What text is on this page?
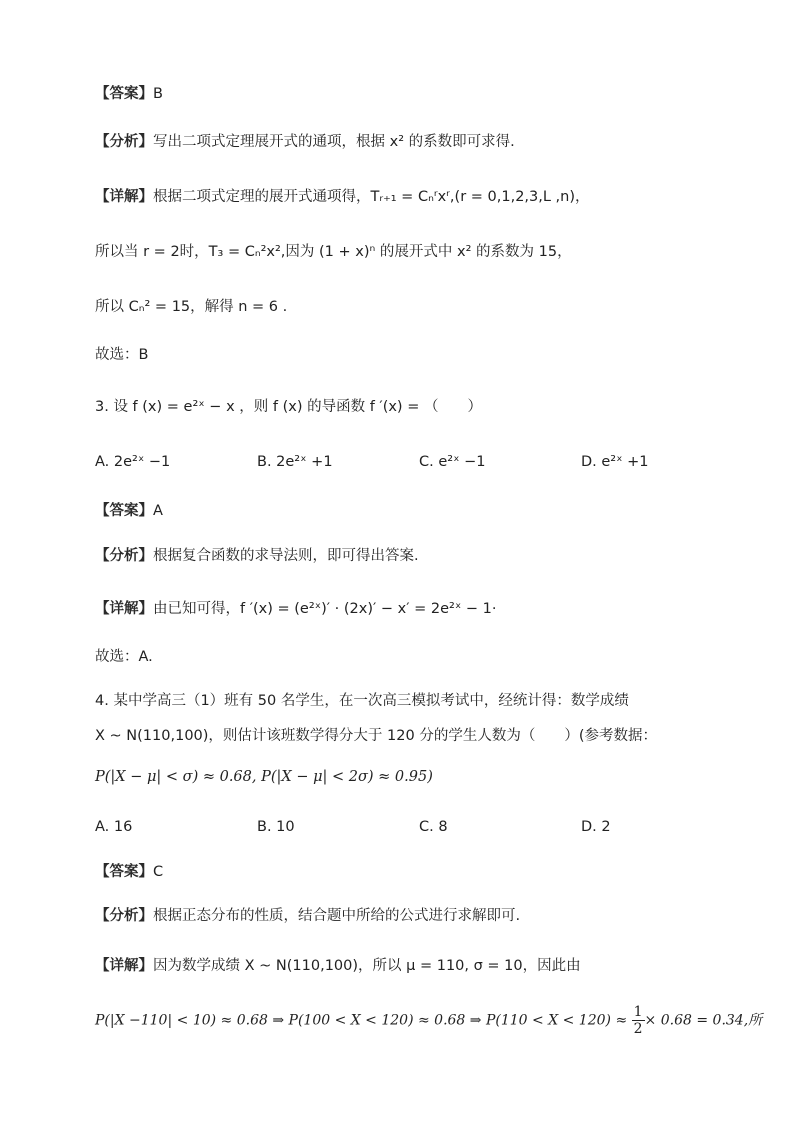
【答案】B
【分析】写出二项式定理展开式的通项，根据 x² 的系数即可求得.
【详解】根据二项式定理的展开式通项得，Tᵣ₊₁ = Cₙʳxʳ,(r = 0,1,2,3,L ,n)，
所以当 r = 2时，T₃ = Cₙ²x²,因为 (1 + x)ⁿ 的展开式中 x² 的系数为 15，
所以 Cₙ² = 15，解得 n = 6 .
故选：B
3. 设 f (x) = e²ˣ − x ，则 f (x) 的导函数 f ′(x) = （　　）
A. 2e²ˣ −1	B. 2e²ˣ +1	C. e²ˣ −1	D. e²ˣ +1
【答案】A
【分析】根据复合函数的求导法则，即可得出答案.
【详解】由已知可得，f ′(x) = (e²ˣ)′ · (2x)′ − x′ = 2e²ˣ − 1·
故选：A.
4. 某中学高三（1）班有 50 名学生，在一次高三模拟考试中，经统计得：数学成绩
X ~ N(110,100)，则估计该班数学得分大于 120 分的学生人数为（　　）(参考数据：
P(|X − μ| < σ) ≈ 0.68, P(|X − μ| < 2σ) ≈ 0.95)
A. 16	B. 10	C. 8	D. 2
【答案】C
【分析】根据正态分布的性质，结合题中所给的公式进行求解即可.
【详解】因为数学成绩 X ~ N(110,100)，所以 μ = 110, σ = 10，因此由
P(|X −110| < 10) ≈ 0.68 ⇒ P(100 < X < 120) ≈ 0.68 ⇒ $P(110 < X < 120) \approx \frac{1}{2} \times 0.68 = 0.34$,所
